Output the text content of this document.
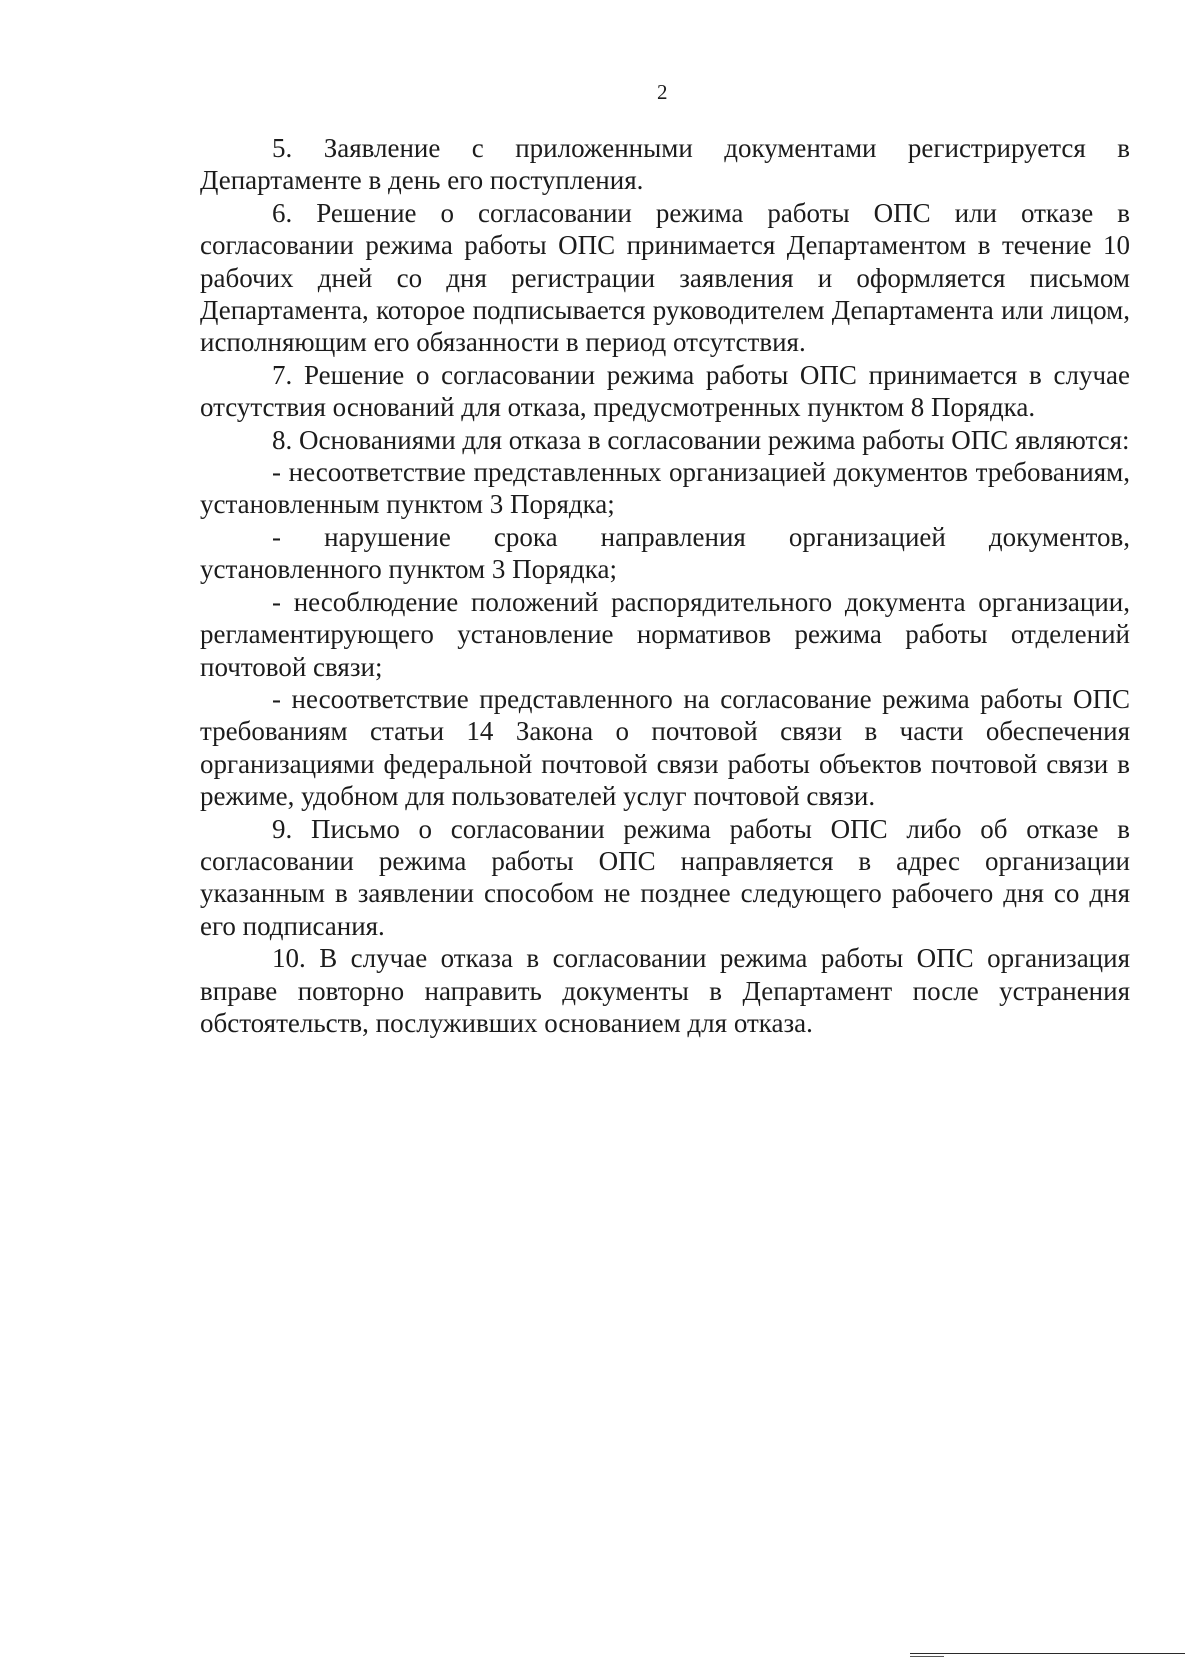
2

5. Заявление с приложенными документами регистрируется в Департаменте в день его поступления.

6. Решение о согласовании режима работы ОПС или отказе в согласовании режима работы ОПС принимается Департаментом в течение 10 рабочих дней со дня регистрации заявления и оформляется письмом Департамента, которое подписывается руководителем Департамента или лицом, исполняющим его обязанности в период отсутствия.

7. Решение о согласовании режима работы ОПС принимается в случае отсутствия оснований для отказа, предусмотренных пунктом 8 Порядка.

8. Основаниями для отказа в согласовании режима работы ОПС являются:

- несоответствие представленных организацией документов требованиям, установленным пунктом 3 Порядка;

- нарушение срока направления организацией документов, установленного пунктом 3 Порядка;

- несоблюдение положений распорядительного документа организации, регламентирующего установление нормативов режима работы отделений почтовой связи;

- несоответствие представленного на согласование режима работы ОПС требованиям статьи 14 Закона о почтовой связи в части обеспечения организациями федеральной почтовой связи работы объектов почтовой связи в режиме, удобном для пользователей услуг почтовой связи.

9. Письмо о согласовании режима работы ОПС либо об отказе в согласовании режима работы ОПС направляется в адрес организации указанным в заявлении способом не позднее следующего рабочего дня со дня его подписания.

10. В случае отказа в согласовании режима работы ОПС организация вправе повторно направить документы в Департамент после устранения обстоятельств, послуживших основанием для отказа.
